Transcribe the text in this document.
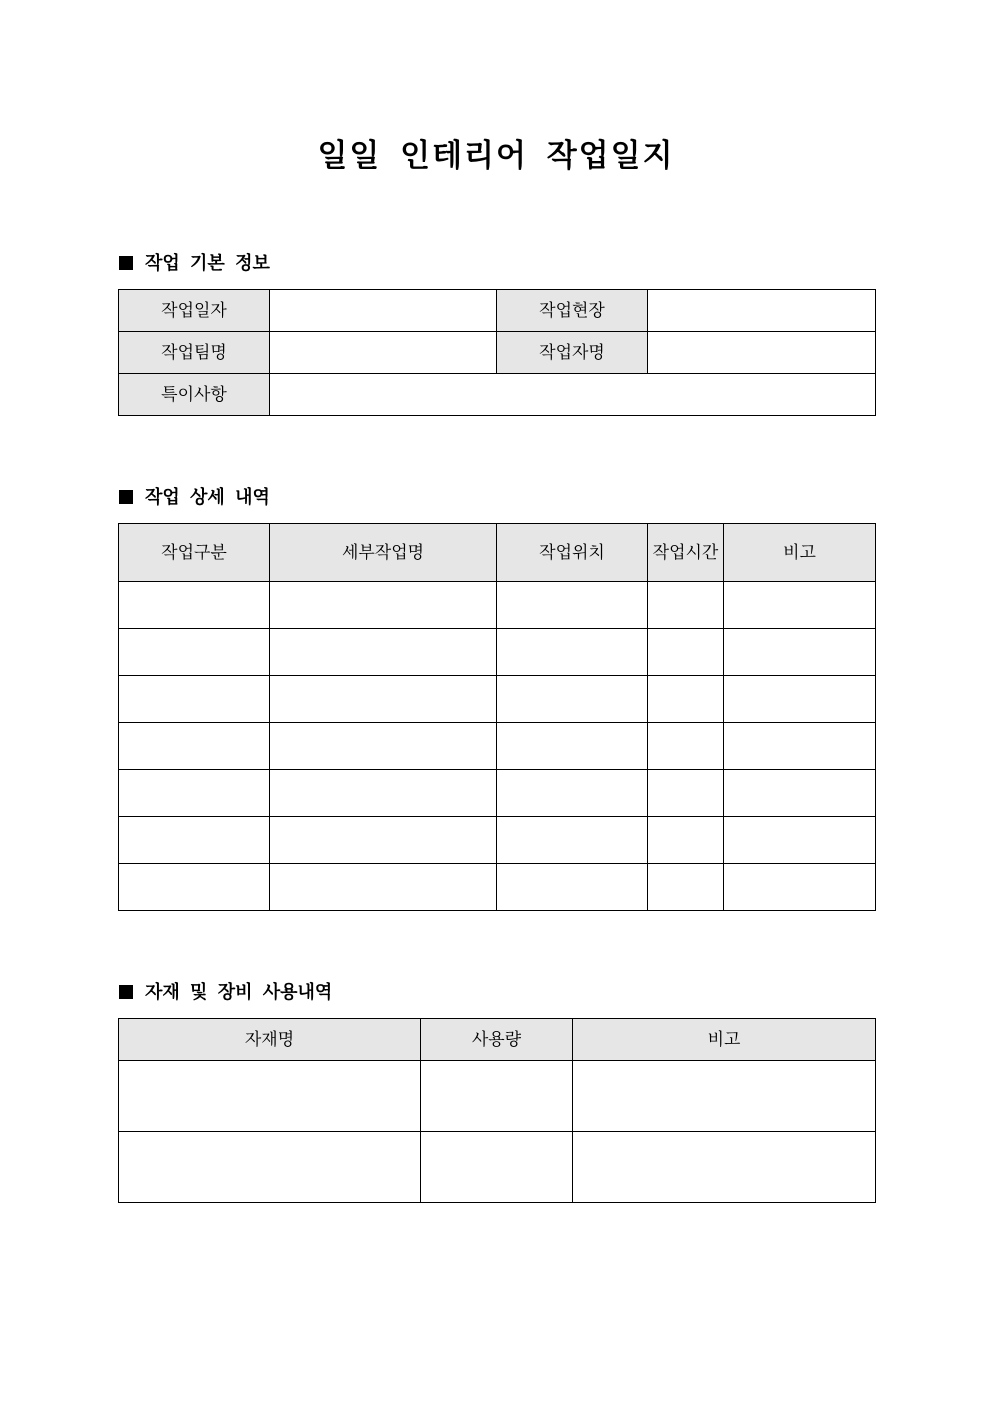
일일 인테리어 작업일지
작업 기본 정보
작업일자		작업현장	
작업팀명		작업자명	
특이사항			
작업 상세 내역
작업구분	세부작업명	작업위치	작업시간	비고

자재 및 장비 사용내역
자재명	사용량	비고
